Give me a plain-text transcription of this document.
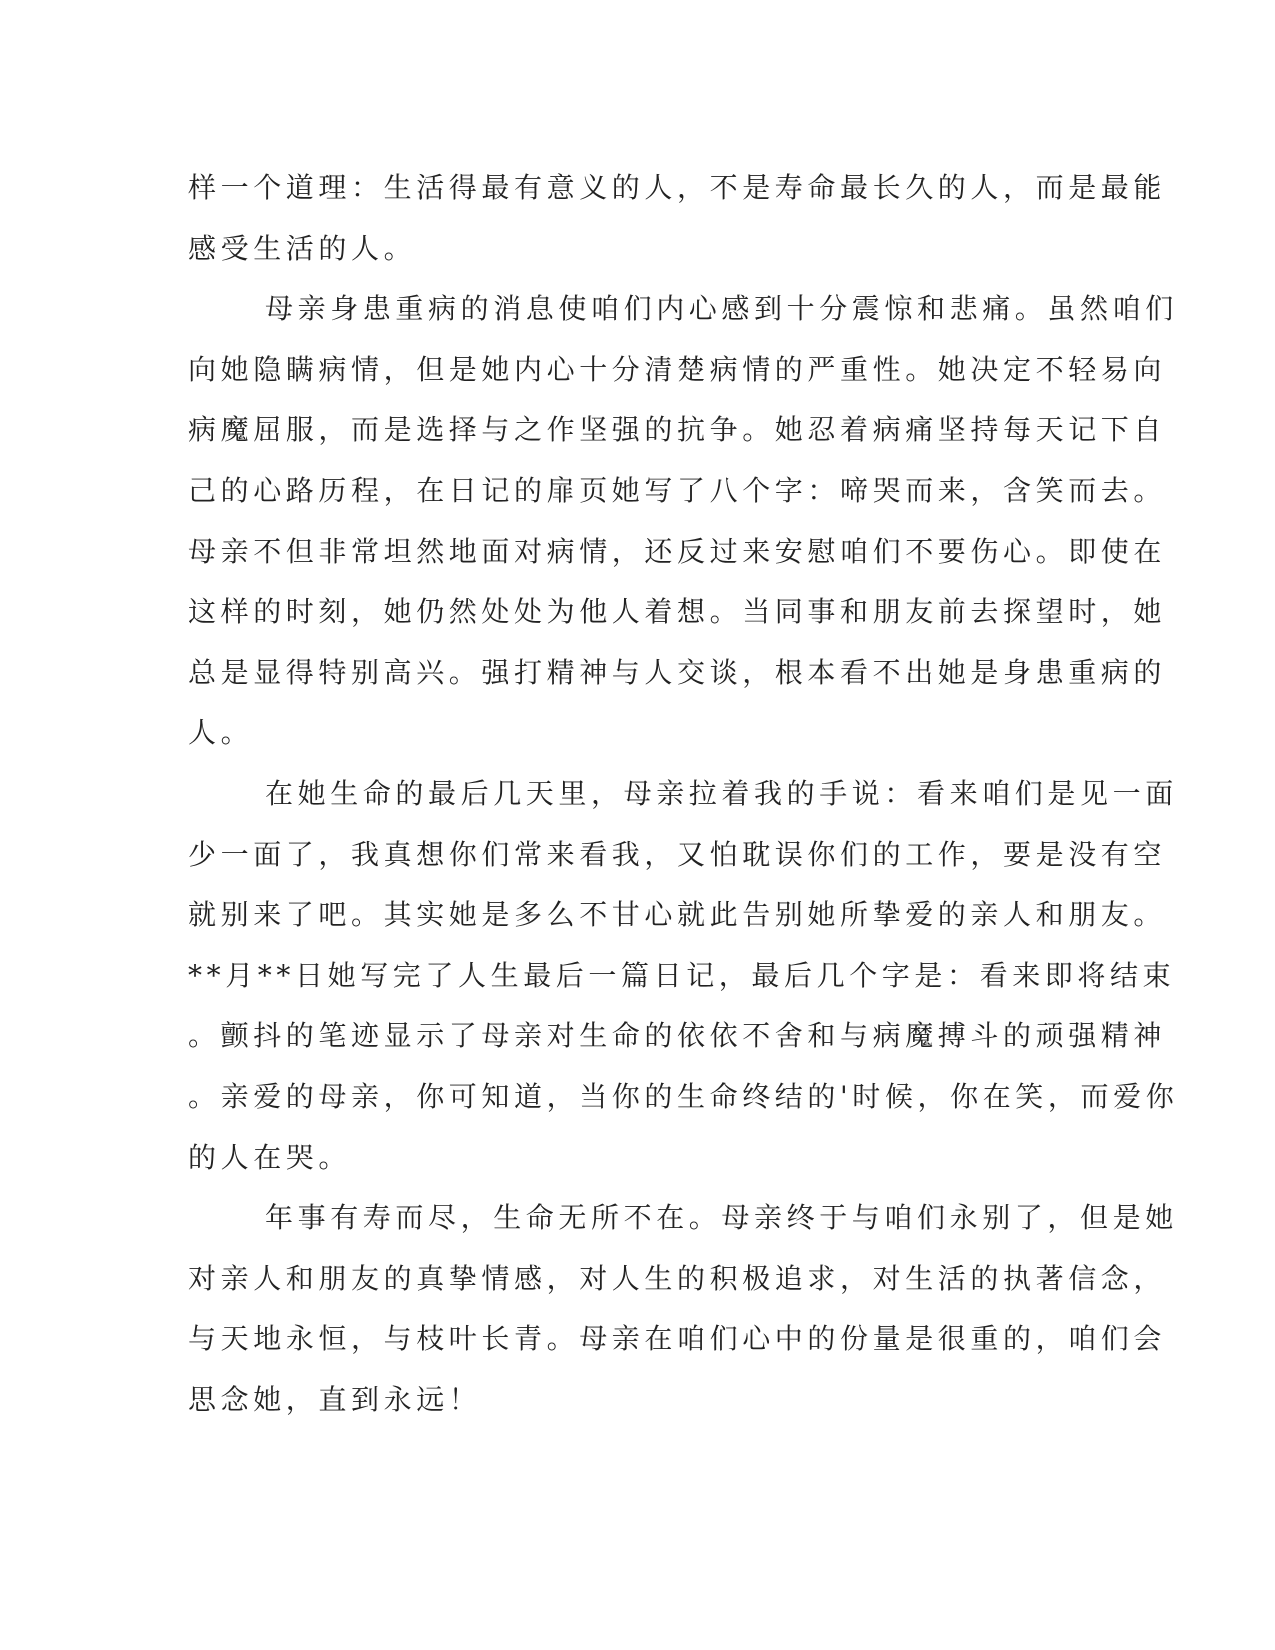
样一个道理：生活得最有意义的人，不是寿命最长久的人，而是最能
感受生活的人。

母亲身患重病的消息使咱们内心感到十分震惊和悲痛。虽然咱们
向她隐瞒病情，但是她内心十分清楚病情的严重性。她决定不轻易向
病魔屈服，而是选择与之作坚强的抗争。她忍着病痛坚持每天记下自
己的心路历程，在日记的扉页她写了八个字：啼哭而来，含笑而去。
母亲不但非常坦然地面对病情，还反过来安慰咱们不要伤心。即使在
这样的时刻，她仍然处处为他人着想。当同事和朋友前去探望时，她
总是显得特别高兴。强打精神与人交谈，根本看不出她是身患重病的
人。

在她生命的最后几天里，母亲拉着我的手说：看来咱们是见一面
少一面了，我真想你们常来看我，又怕耽误你们的工作，要是没有空
就别来了吧。其实她是多么不甘心就此告别她所挚爱的亲人和朋友。
**月**日她写完了人生最后一篇日记，最后几个字是：看来即将结束
。颤抖的笔迹显示了母亲对生命的依依不舍和与病魔搏斗的顽强精神
。亲爱的母亲，你可知道，当你的生命终结的'时候，你在笑，而爱你
的人在哭。

年事有寿而尽，生命无所不在。母亲终于与咱们永别了，但是她
对亲人和朋友的真挚情感，对人生的积极追求，对生活的执著信念，
与天地永恒，与枝叶长青。母亲在咱们心中的份量是很重的，咱们会
思念她，直到永远！
